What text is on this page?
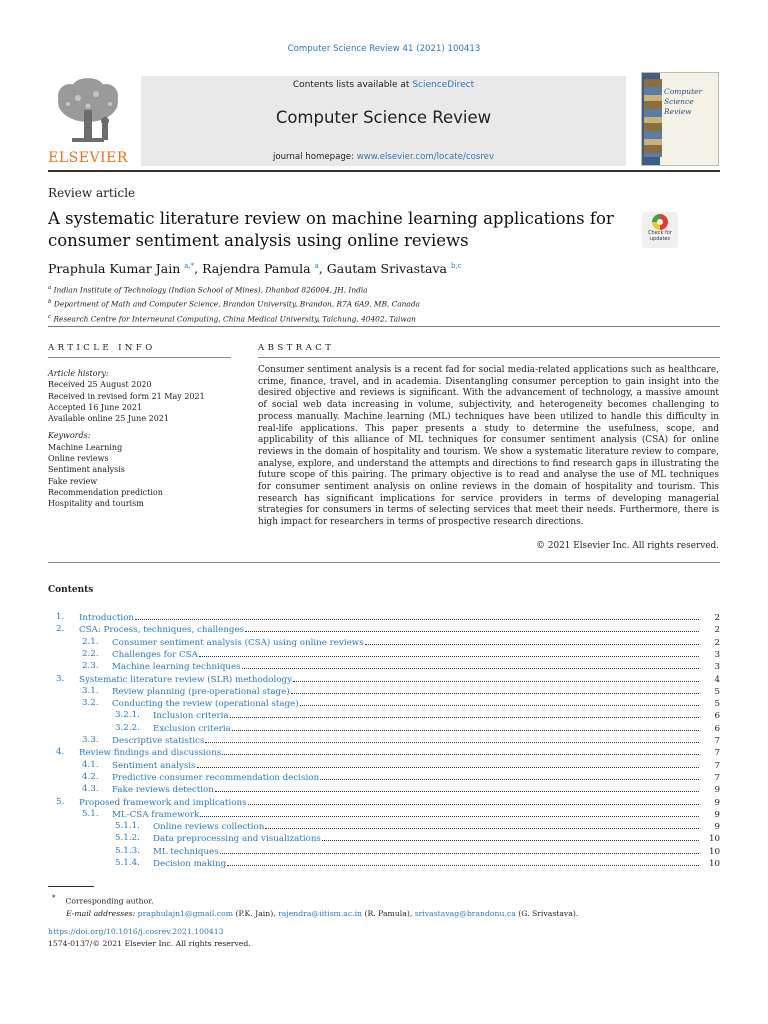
Computer Science Review 41 (2021) 100413
ELSEVIER
Contents lists available at ScienceDirect
Computer Science Review
journal homepage: www.elsevier.com/locate/cosrev
Computer
Science
Review
Review article
A systematic literature review on machine learning applications for consumer sentiment analysis using online reviews	Check for
updates
Praphula Kumar Jain $^{a,*}$, Rajendra Pamula $^a$, Gautam Srivastava $^{b,c}$
$^a$ Indian Institute of Technology (Indian School of Mines), Dhanbad 826004, JH, India
$^b$ Department of Math and Computer Science, Brandon University, Brandon, R7A 6A9, MB, Canada
$^c$ Research Centre for Interneural Computing, China Medical University, Taichung, 40402, Taiwan
ARTICLE INFO	ABSTRACT
Article history:
Received 25 August 2020
Received in revised form 21 May 2021
Accepted 16 June 2021
Available online 25 June 2021
Keywords:
Machine Learning
Online reviews
Sentiment analysis
Fake review
Recommendation prediction
Hospitality and tourism
Consumer sentiment analysis is a recent fad for social media-related applications such as healthcare, crime, finance, travel, and in academia. Disentangling consumer perception to gain insight into the desired objective and reviews is significant. With the advancement of technology, a massive amount of social web data increasing in volume, subjectivity, and heterogeneity becomes challenging to process manually. Machine learning (ML) techniques have been utilized to handle this difficulty in real-life applications. This paper presents a study to determine the usefulness, scope, and applicability of this alliance of ML techniques for consumer sentiment analysis (CSA) for online reviews in the domain of hospitality and tourism. We show a systematic literature review to compare, analyse, explore, and understand the attempts and directions to find research gaps in illustrating the future scope of this pairing. The primary objective is to read and analyse the use of ML techniques for consumer sentiment analysis on online reviews in the domain of hospitality and tourism. This research has significant implications for service providers in terms of developing managerial strategies for consumers in terms of selecting services that meet their needs. Furthermore, there is high impact for researchers in terms of prospective research directions.
© 2021 Elsevier Inc. All rights reserved.
Contents
1. Introduction	2
2. CSA: Process, techniques, challenges	2
2.1. Consumer sentiment analysis (CSA) using online reviews	2
2.2. Challenges for CSA	3
2.3. Machine learning techniques	3
3. Systematic literature review (SLR) methodology	4
3.1. Review planning (pre-operational stage)	5
3.2. Conducting the review (operational stage)	5
3.2.1. Inclusion criteria	6
3.2.2. Exclusion criteria	6
3.3. Descriptive statistics	7
4. Review findings and discussions	7
4.1. Sentiment analysis	7
4.2. Predictive consumer recommendation decision	7
4.3. Fake reviews detection	9
5. Proposed framework and implications	9
5.1. ML-CSA framework	9
5.1.1. Online reviews collection	9
5.1.2. Data preprocessing and visualizations	10
5.1.3. ML techniques	10
5.1.4. Decision making	10
* Corresponding author.
E-mail addresses: praphulajn1@gmail.com (P.K. Jain), rajendra@iitism.ac.in (R. Pamula), srivastavag@brandonu.ca (G. Srivastava).
https://doi.org/10.1016/j.cosrev.2021.100413
1574-0137/© 2021 Elsevier Inc. All rights reserved.
